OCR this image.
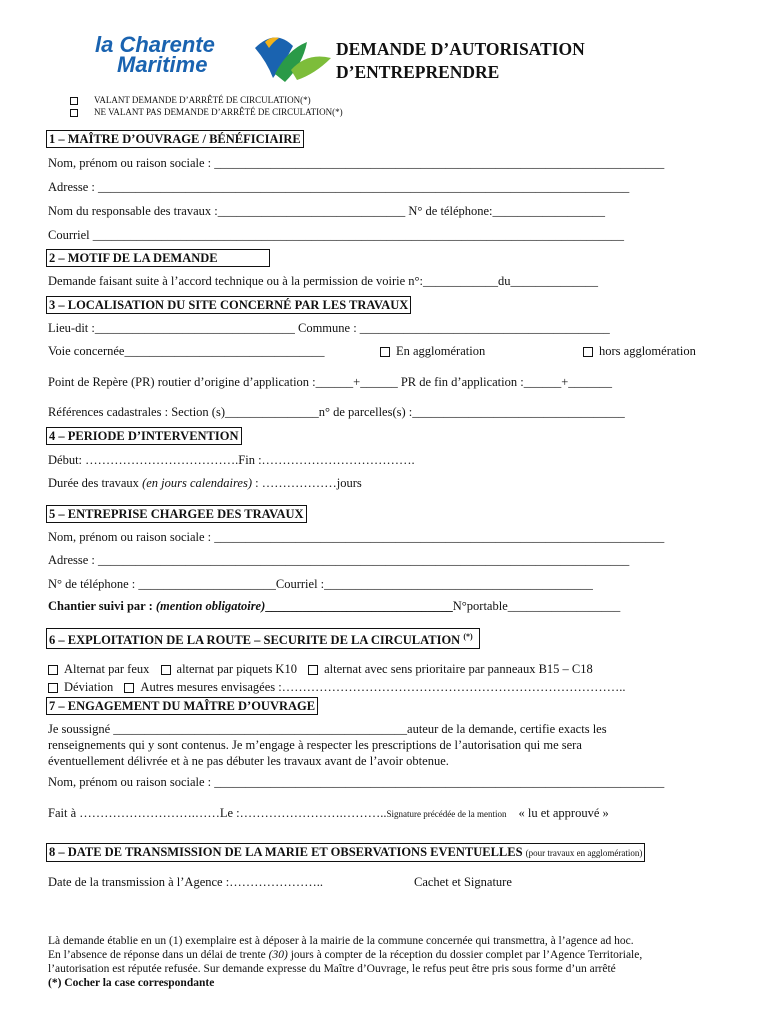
la Charente
Maritime
DEMANDE D’AUTORISATION
D’ENTREPRENDRE
VALANT DEMANDE D’ARRÊTÉ DE CIRCULATION(*)
NE VALANT PAS DEMANDE D’ARRÊTÉ DE CIRCULATION(*)
1 – MAÎTRE D’OUVRAGE / BÉNÉFICIAIRE
Nom, prénom ou raison sociale : ________________________________________________________________________
Adresse : _____________________________________________________________________________________
Nom du responsable des travaux :______________________________ N° de téléphone:__________________
Courriel _____________________________________________________________________________________
2 – MOTIF DE LA DEMANDE
Demande faisant suite à l’accord technique ou à la permission de voirie n°:____________du______________
3 – LOCALISATION DU SITE CONCERNÉ PAR LES TRAVAUX
Lieu-dit :________________________________ Commune : ________________________________________
Voie concernée________________________________	En agglomération	hors agglomération
Point de Repère (PR) routier d’origine d’application :______+______ PR de fin d’application :______+_______
Références cadastrales : Section (s)_______________n° de parcelles(s) :__________________________________
4 – PERIODE D’INTERVENTION
Début: ……………………………….Fin :……………………………….
Durée des travaux (en jours calendaires) : ………………jours
5 – ENTREPRISE CHARGEE DES TRAVAUX
Nom, prénom ou raison sociale : ________________________________________________________________________
Adresse : _____________________________________________________________________________________
N° de téléphone : ______________________Courriel :___________________________________________
Chantier suivi par : (mention obligatoire)______________________________N°portable__________________
6 – EXPLOITATION DE LA ROUTE – SECURITE DE LA CIRCULATION (*)
Alternat par feux alternat par piquets K10 alternat avec sens prioritaire par panneaux B15 – C18
Déviation Autres mesures envisagées :………………………………………………………………………..
7 – ENGAGEMENT DU MAÎTRE D’OUVRAGE
Je soussigné _______________________________________________auteur de la demande, certifie exacts les
renseignements qui y sont contenus. Je m’engage à respecter les prescriptions de l’autorisation qui me sera
éventuellement délivrée et à ne pas débuter les travaux avant de l’avoir obtenue.
Nom, prénom ou raison sociale : ________________________________________________________________________
Fait à ……………………….……Le :…………………….………..Signature précédée de la mention « lu et approuvé »
8 – DATE DE TRANSMISSION DE LA MARIE ET OBSERVATIONS EVENTUELLES (pour travaux en agglomération)
Date de la transmission à l’Agence :…………………..	Cachet et Signature
Là demande établie en un (1) exemplaire est à déposer à la mairie de la commune concernée qui transmettra, à l’agence ad hoc.
En l’absence de réponse dans un délai de trente (30) jours à compter de la réception du dossier complet par l’Agence Territoriale,
l’autorisation est réputée refusée. Sur demande expresse du Maître d’Ouvrage, le refus peut être pris sous forme d’un arrêté
(*) Cocher la case correspondante
